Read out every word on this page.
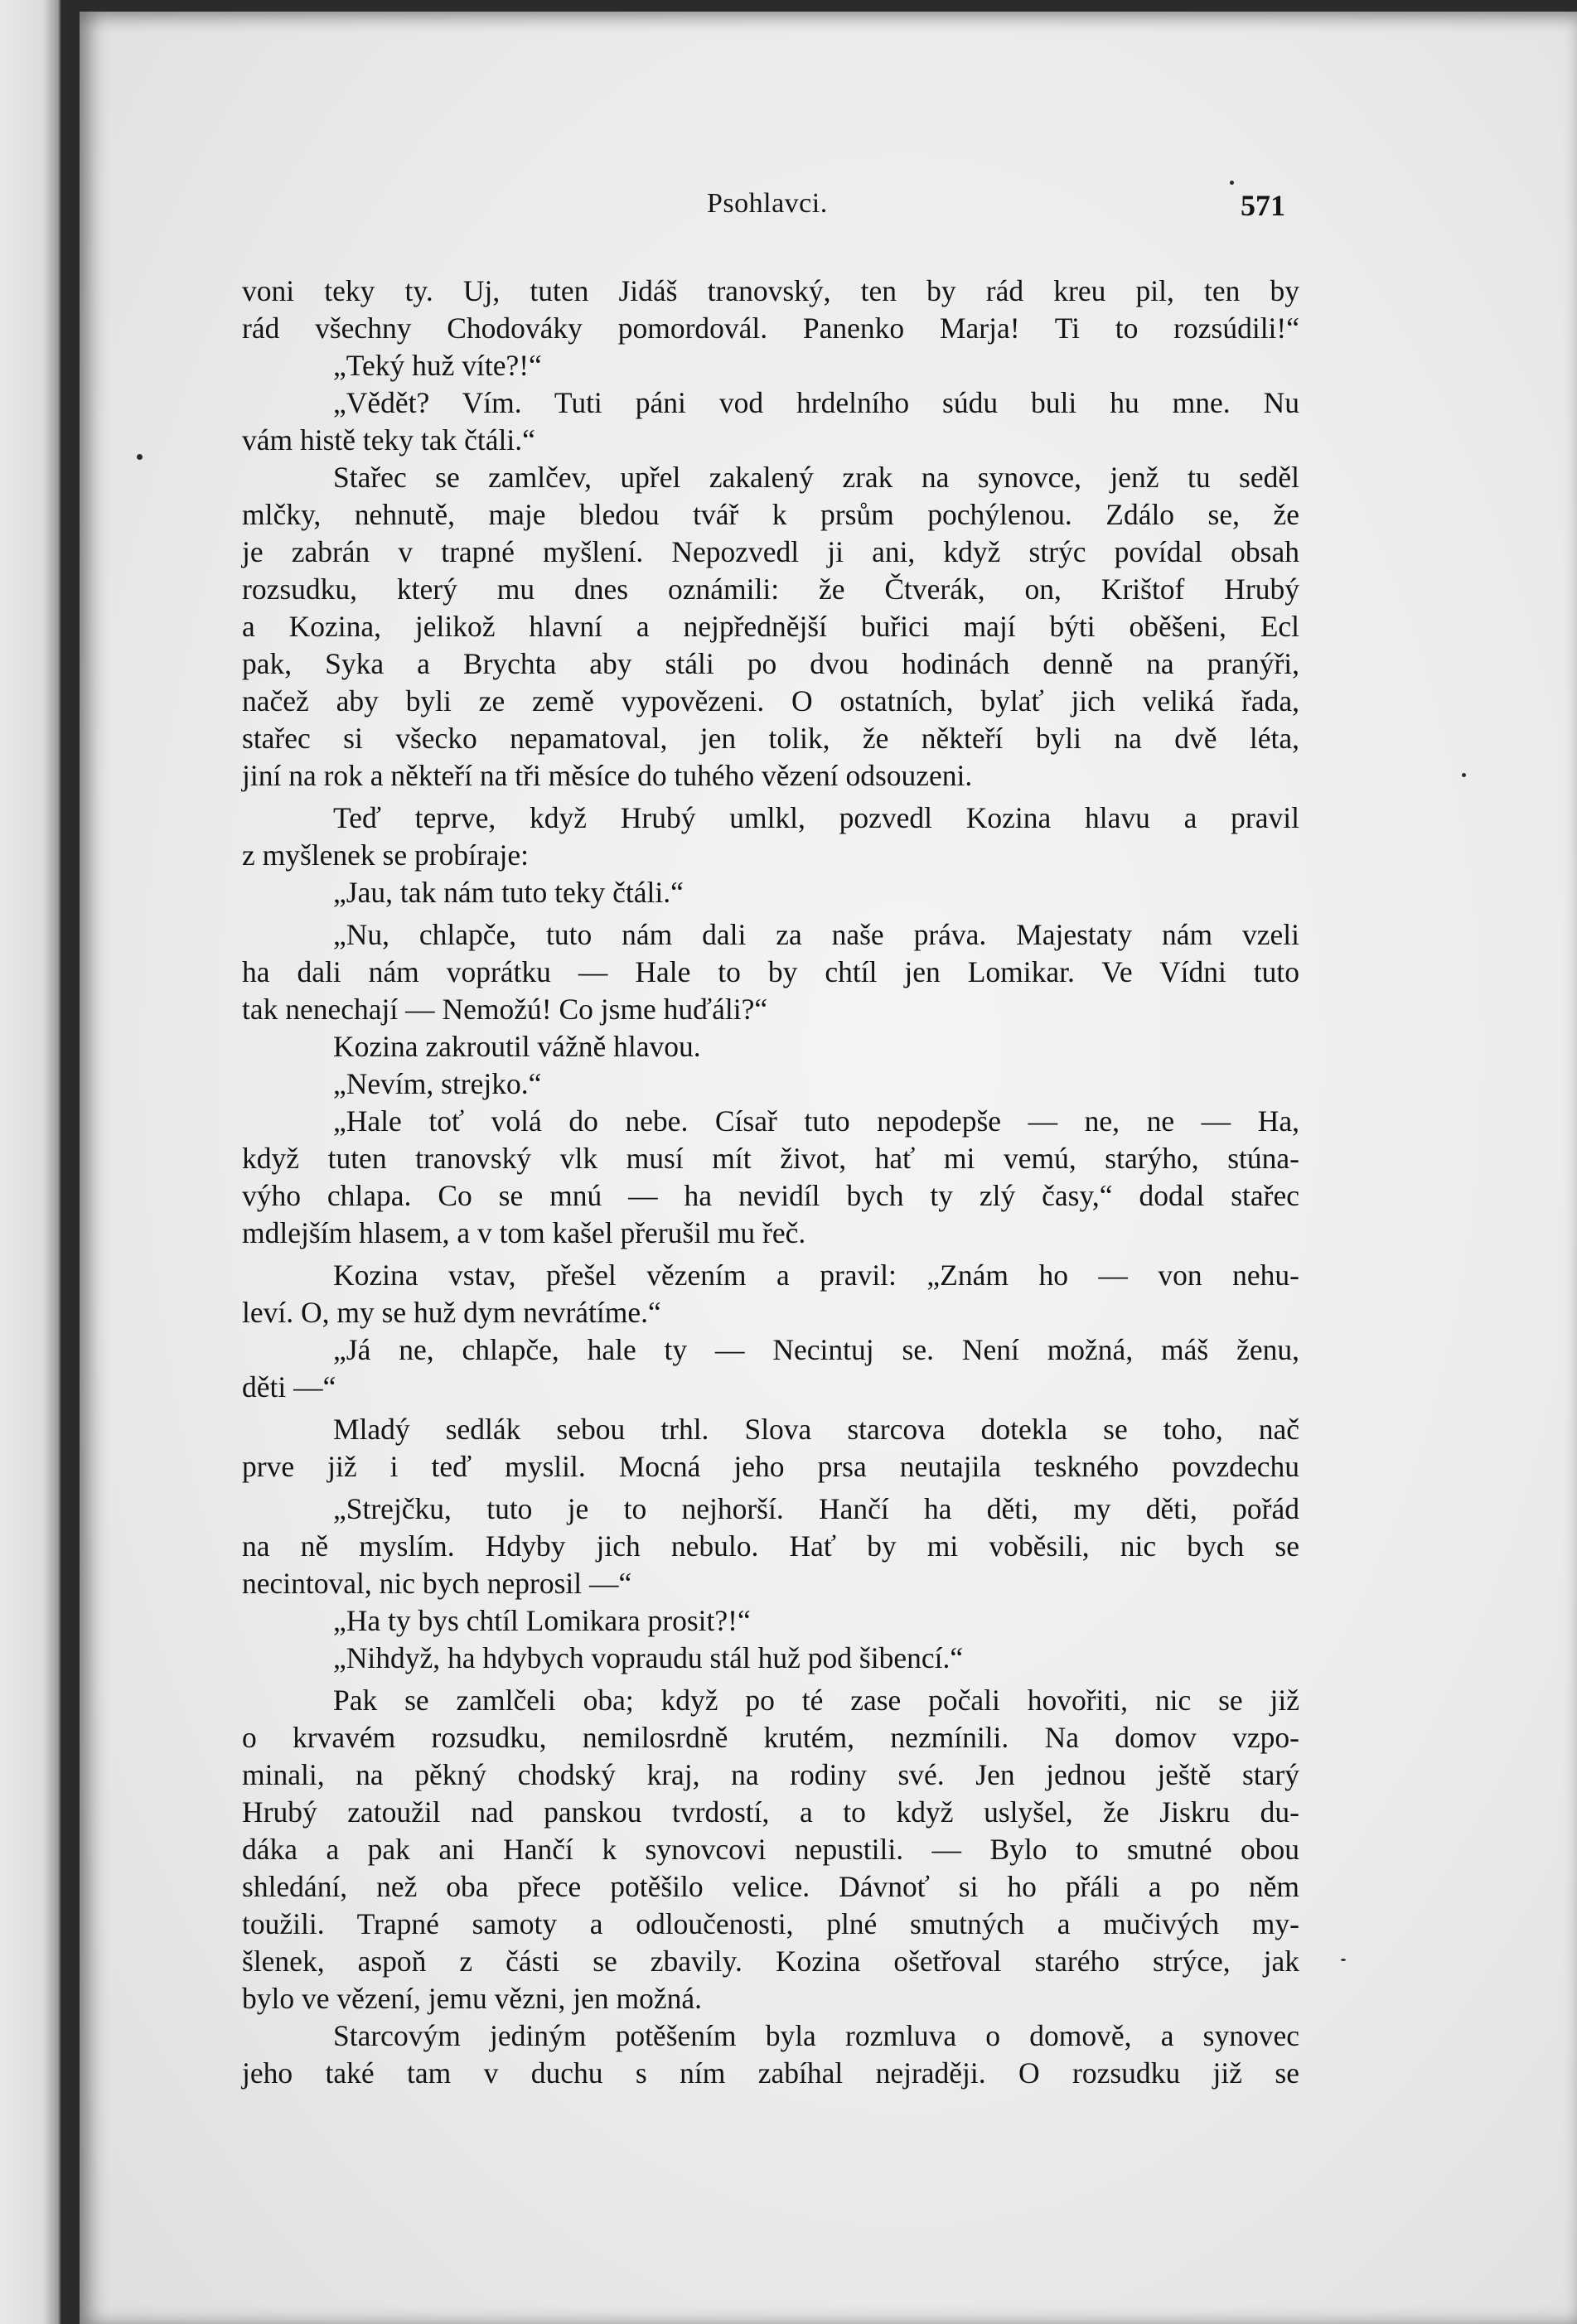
Psohlavci.	571
voni teky ty. Uj, tuten Jidáš tranovský, ten by rád kreu pil, ten by
rád všechny Chodováky pomordovál. Panenko Marja! Ti to rozsúdili!“
„Teký huž víte?!“
„Vědět? Vím. Tuti páni vod hrdelního súdu buli hu mne. Nu
vám histě teky tak čtáli.“
Stařec se zamlčev, upřel zakalený zrak na synovce, jenž tu seděl
mlčky, nehnutě, maje bledou tvář k prsům pochýlenou. Zdálo se, že
je zabrán v trapné myšlení. Nepozvedl ji ani, když strýc povídal obsah
rozsudku, který mu dnes oznámili: že Čtverák, on, Krištof Hrubý
a Kozina, jelikož hlavní a nejpřednější buřici mají býti oběšeni, Ecl
pak, Syka a Brychta aby stáli po dvou hodinách denně na pranýři,
načež aby byli ze země vypovězeni. O ostatních, bylať jich veliká řada,
stařec si všecko nepamatoval, jen tolik, že někteří byli na dvě léta,
jiní na rok a někteří na tři měsíce do tuhého vězení odsouzeni.
Teď teprve, když Hrubý umlkl, pozvedl Kozina hlavu a pravil
z myšlenek se probíraje:
„Jau, tak nám tuto teky čtáli.“
„Nu, chlapče, tuto nám dali za naše práva. Majestaty nám vzeli
ha dali nám voprátku — Hale to by chtíl jen Lomikar. Ve Vídni tuto
tak nenechají — Nemožú! Co jsme huďáli?“
Kozina zakroutil vážně hlavou.
„Nevím, strejko.“
„Hale toť volá do nebe. Císař tuto nepodepše — ne, ne — Ha,
když tuten tranovský vlk musí mít život, hať mi vemú, starýho, stúna-
výho chlapa. Co se mnú — ha nevidíl bych ty zlý časy,“ dodal stařec
mdlejším hlasem, a v tom kašel přerušil mu řeč.
Kozina vstav, přešel vězením a pravil: „Znám ho — von nehu-
leví. O, my se huž dym nevrátíme.“
„Já ne, chlapče, hale ty — Necintuj se. Není možná, máš ženu,
děti —“
Mladý sedlák sebou trhl. Slova starcova dotekla se toho, nač
prve již i teď myslil. Mocná jeho prsa neutajila teskného povzdechu
„Strejčku, tuto je to nejhorší. Hančí ha děti, my děti, pořád
na ně myslím. Hdyby jich nebulo. Hať by mi voběsili, nic bych se
necintoval, nic bych neprosil —“
„Ha ty bys chtíl Lomikara prosit?!“
„Nihdyž, ha hdybych vopraudu stál huž pod šibencí.“
Pak se zamlčeli oba; když po té zase počali hovořiti, nic se již
o krvavém rozsudku, nemilosrdně krutém, nezmínili. Na domov vzpo-
minali, na pěkný chodský kraj, na rodiny své. Jen jednou ještě starý
Hrubý zatoužil nad panskou tvrdostí, a to když uslyšel, že Jiskru du-
dáka a pak ani Hančí k synovcovi nepustili. — Bylo to smutné obou
shledání, než oba přece potěšilo velice. Dávnoť si ho přáli a po něm
toužili. Trapné samoty a odloučenosti, plné smutných a mučivých my-
šlenek, aspoň z části se zbavily. Kozina ošetřoval starého strýce, jak
bylo ve vězení, jemu vězni, jen možná.
Starcovým jediným potěšením byla rozmluva o domově, a synovec
jeho také tam v duchu s ním zabíhal nejraději. O rozsudku již se
